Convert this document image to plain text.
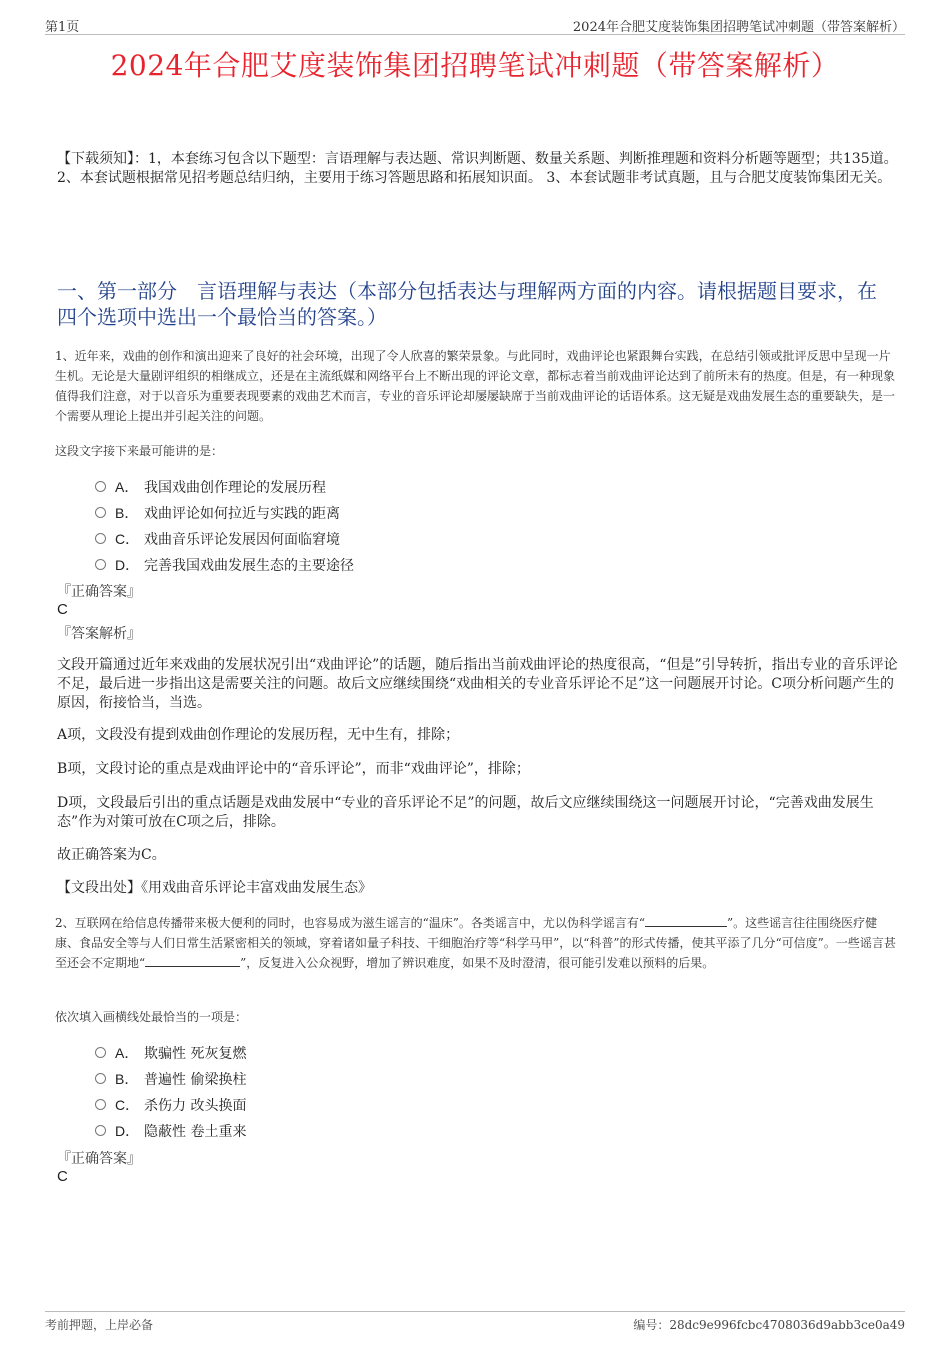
第1页	2024年合肥艾度装饰集团招聘笔试冲刺题（带答案解析）
2024年合肥艾度装饰集团招聘笔试冲刺题（带答案解析）
【下载须知】：1，本套练习包含以下题型：言语理解与表达题、常识判断题、数量关系题、判断推理题和资料分析题等题型；共135道。 2、本套试题根据常见招考题总结归纳，主要用于练习答题思路和拓展知识面。 3、本套试题非考试真题，且与合肥艾度装饰集团无关。
一、第一部分　言语理解与表达（本部分包括表达与理解两方面的内容。请根据题目要求，在四个选项中选出一个最恰当的答案。）
1、近年来，戏曲的创作和演出迎来了良好的社会环境，出现了令人欣喜的繁荣景象。与此同时，戏曲评论也紧跟舞台实践，在总结引领或批评反思中呈现一片生机。无论是大量剧评组织的相继成立，还是在主流纸媒和网络平台上不断出现的评论文章，都标志着当前戏曲评论达到了前所未有的热度。但是，有一种现象值得我们注意，对于以音乐为重要表现要素的戏曲艺术而言，专业的音乐评论却屡屡缺席于当前戏曲评论的话语体系。这无疑是戏曲发展生态的重要缺失，是一个需要从理论上提出并引起关注的问题。
这段文字接下来最可能讲的是：
A． 我国戏曲创作理论的发展历程
B． 戏曲评论如何拉近与实践的距离
C． 戏曲音乐评论发展因何面临窘境
D． 完善我国戏曲发展生态的主要途径
『正确答案』
C
『答案解析』
文段开篇通过近年来戏曲的发展状况引出“戏曲评论”的话题，随后指出当前戏曲评论的热度很高，“但是”引导转折，指出专业的音乐评论不足，最后进一步指出这是需要关注的问题。故后文应继续围绕“戏曲相关的专业音乐评论不足”这一问题展开讨论。C项分析问题产生的原因，衔接恰当，当选。
A项，文段没有提到戏曲创作理论的发展历程，无中生有，排除；
B项，文段讨论的重点是戏曲评论中的“音乐评论”，而非“戏曲评论”，排除；
D项，文段最后引出的重点话题是戏曲发展中“专业的音乐评论不足”的问题，故后文应继续围绕这一问题展开讨论，“完善戏曲发展生态”作为对策可放在C项之后，排除。
故正确答案为C。
【文段出处】《用戏曲音乐评论丰富戏曲发展生态》
2、互联网在给信息传播带来极大便利的同时，也容易成为滋生谣言的“温床”。各类谣言中，尤以伪科学谣言有“	”。这些谣言往往围绕医疗健康、食品安全等与人们日常生活紧密相关的领域，穿着诸如量子科技、干细胞治疗等“科学马甲”，以“科普”的形式传播，使其平添了几分“可信度”。一些谣言甚至还会不定期地“	”，反复进入公众视野，增加了辨识难度，如果不及时澄清，很可能引发难以预料的后果。
依次填入画横线处最恰当的一项是：
A． 欺骗性 死灰复燃
B． 普遍性 偷梁换柱
C． 杀伤力 改头换面
D． 隐蔽性 卷土重来
『正确答案』
C
考前押题，上岸必备	编号：28dc9e996fcbc4708036d9abb3ce0a49
